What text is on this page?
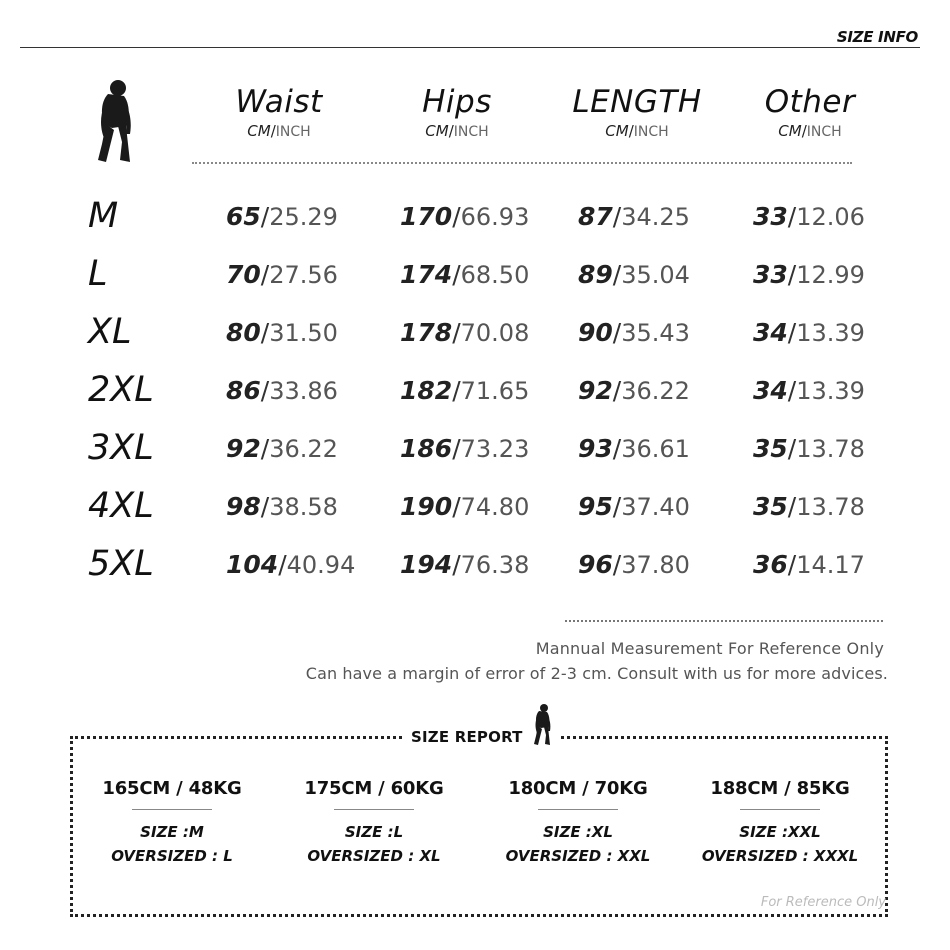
SIZE INFO
Waist
CM/INCH
Hips
CM/INCH
LENGTH
CM/INCH
Other
CM/INCH
M	65/25.29 170/66.93 87/34.25	33/12.06
L	70/27.56 174/68.50 89/35.04	33/12.99
XL	80/31.50 178/70.08 90/35.43	34/13.39
2XL	86/33.86 182/71.65 92/36.22	34/13.39
3XL	92/36.22 186/73.23 93/36.61	35/13.78
4XL	98/38.58 190/74.80 95/37.40	35/13.78
5XL	104/40.94 194/76.38 96/37.80	36/14.17
Mannual Measurement For Reference Only
Can have a margin of error of 2-3 cm. Consult with us for more advices.
SIZE REPORT
165CM / 48KG
SIZE :M
OVERSIZED : L
175CM / 60KG
SIZE :L
OVERSIZED : XL
180CM / 70KG
SIZE :XL
OVERSIZED : XXL
188CM / 85KG
SIZE :XXL
OVERSIZED : XXXL
For Reference Only
